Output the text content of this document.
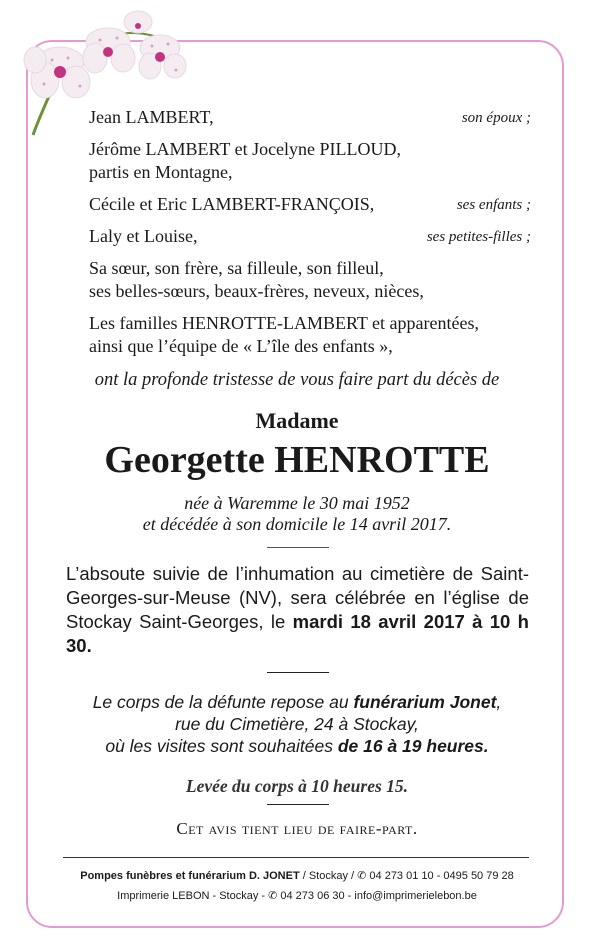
Jean LAMBERT,	son époux ;
Jérôme LAMBERT et Jocelyne PILLOUD,
partis en Montagne,
Cécile et Eric LAMBERT-FRANÇOIS,	ses enfants ;
Laly et Louise,	ses petites-filles ;
Sa sœur, son frère, sa filleule, son filleul,
ses belles-sœurs, beaux-frères, neveux, nièces,
Les familles HENROTTE-LAMBERT et apparentées,
ainsi que l’équipe de « L’île des enfants »,
ont la profonde tristesse de vous faire part du décès de
Madame
Georgette HENROTTE
née à Waremme le 30 mai 1952
et décédée à son domicile le 14 avril 2017.
L’absoute suivie de l’inhumation au cimetière de Saint-Georges-sur-Meuse (NV), sera célébrée en l’église de Stockay Saint-Georges, le mardi 18 avril 2017 à 10 h 30.
Le corps de la défunte repose au funérarium Jonet,
rue du Cimetière, 24 à Stockay,
où les visites sont souhaitées de 16 à 19 heures.
Levée du corps à 10 heures 15.
Cet avis tient lieu de faire-part.
Pompes funèbres et funérarium D. JONET / Stockay / ✆ 04 273 01 10 - 0495 50 79 28
Imprimerie LEBON - Stockay - ✆ 04 273 06 30 - info@imprimerielebon.be
